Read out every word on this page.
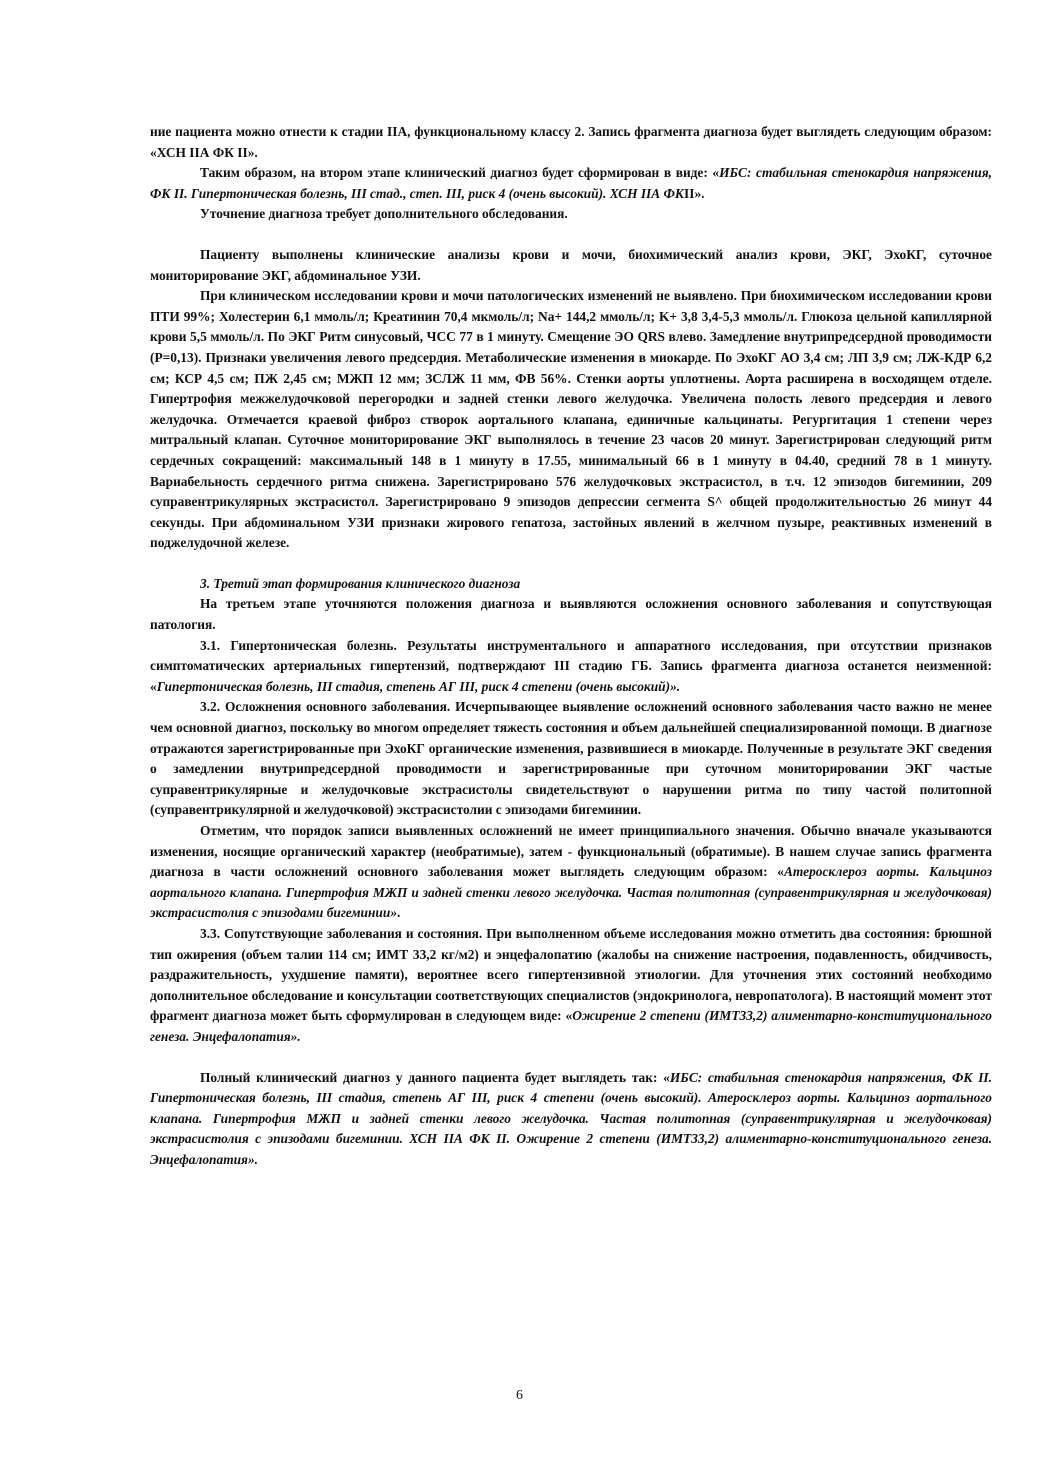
ние пациента можно отнести к стадии IIА, функциональному классу 2. Запись фрагмента диагноза будет выглядеть следующим образом: «ХСН IIА ФК II».

Таким образом, на втором этапе клинический диагноз будет сформирован в виде: «ИБС: стабильная стенокардия напряжения, ФК II. Гипертоническая болезнь, III стад., степ. III, риск 4 (очень высокий). ХСН IIА ФКII».

Уточнение диагноза требует дополнительного обследования.

Пациенту выполнены клинические анализы крови и мочи, биохимический анализ крови, ЭКГ, ЭхоКГ, суточное мониторирование ЭКГ, абдоминальное УЗИ.

При клиническом исследовании крови и мочи патологических изменений не выявлено. При биохимическом исследовании крови ПТИ 99%; Холестерин 6,1 ммоль/л; Креатинин 70,4 мкмоль/л; Na+ 144,2 ммоль/л; K+ 3,8 3,4-5,3 ммоль/л. Глюкоза цельной капиллярной крови 5,5 ммоль/л. По ЭКГ Ритм синусовый, ЧСС 77 в 1 минуту. Смещение ЭО QRS влево. Замедление внутрипредсердной проводимости (P=0,13). Признаки увеличения левого предсердия. Метаболические изменения в миокарде. По ЭхоКГ АО 3,4 см; ЛП 3,9 см; ЛЖ-КДР 6,2 см; КСР 4,5 см; ПЖ 2,45 см; МЖП 12 мм; ЗСЛЖ 11 мм, ФВ 56%. Стенки аорты уплотнены. Аорта расширена в восходящем отделе. Гипертрофия межжелудочковой перегородки и задней стенки левого желудочка. Увеличена полость левого предсердия и левого желудочка. Отмечается краевой фиброз створок аортального клапана, единичные кальцинаты. Регургитация 1 степени через митральный клапан. Суточное мониторирование ЭКГ выполнялось в течение 23 часов 20 минут. Зарегистрирован следующий ритм сердечных сокращений: максимальный 148 в 1 минуту в 17.55, минимальный 66 в 1 минуту в 04.40, средний 78 в 1 минуту. Вариабельность сердечного ритма снижена. Зарегистрировано 576 желудочковых экстрасистол, в т.ч. 12 эпизодов бигеминии, 209 суправентрикулярных экстрасистол. Зарегистрировано 9 эпизодов депрессии сегмента S^ общей продолжительностью 26 минут 44 секунды. При абдоминальном УЗИ признаки жирового гепатоза, застойных явлений в желчном пузыре, реактивных изменений в поджелудочной железе.

3. Третий этап формирования клинического диагноза

На третьем этапе уточняются положения диагноза и выявляются осложнения основного заболевания и сопутствующая патология.

3.1. Гипертоническая болезнь. Результаты инструментального и аппаратного исследования, при отсутствии признаков симптоматических артериальных гипертензий, подтверждают III стадию ГБ. Запись фрагмента диагноза останется неизменной: «Гипертоническая болезнь, III стадия, степень АГ III, риск 4 степени (очень высокий)».

3.2. Осложнения основного заболевания. Исчерпывающее выявление осложнений основного заболевания часто важно не менее чем основной диагноз, поскольку во многом определяет тяжесть состояния и объем дальнейшей специализированной помощи. В диагнозе отражаются зарегистрированные при ЭхоКГ органические изменения, развившиеся в миокарде. Полученные в результате ЭКГ сведения о замедлении внутрипредсердной проводимости и зарегистрированные при суточном мониторировании ЭКГ частые суправентрикулярные и желудочковые экстрасистолы свидетельствуют о нарушении ритма по типу частой политопной (суправентрикулярной и желудочковой) экстрасистолии с эпизодами бигеминии.

Отметим, что порядок записи выявленных осложнений не имеет принципиального значения. Обычно вначале указываются изменения, носящие органический характер (необратимые), затем - функциональный (обратимые). В нашем случае запись фрагмента диагноза в части осложнений основного заболевания может выглядеть следующим образом: «Атеросклероз аорты. Кальциноз аортального клапана. Гипертрофия МЖП и задней стенки левого желудочка. Частая политопная (суправентрикулярная и желудочковая) экстрасистолия с эпизодами бигеминии».

3.3. Сопутствующие заболевания и состояния. При выполненном объеме исследования можно отметить два состояния: брюшной тип ожирения (объем талии 114 см; ИМТ 33,2 кг/м2) и энцефалопатию (жалобы на снижение настроения, подавленность, обидчивость, раздражительность, ухудшение памяти), вероятнее всего гипертензивной этиологии. Для уточнения этих состояний необходимо дополнительное обследование и консультации соответствующих специалистов (эндокринолога, невропатолога). В настоящий момент этот фрагмент диагноза может быть сформулирован в следующем виде: «Ожирение 2 степени (ИМТ33,2) алиментарно-конституционального генеза. Энцефалопатия».

Полный клинический диагноз у данного пациента будет выглядеть так: «ИБС: стабильная стенокардия напряжения, ФК II. Гипертоническая болезнь, III стадия, степень АГ III, риск 4 степени (очень высокий). Атеросклероз аорты. Кальциноз аортального клапана. Гипертрофия МЖП и задней стенки левого желудочка. Частая политопная (суправентрикулярная и желудочковая) экстрасистолия с эпизодами бигеминии. ХСН IIА ФК II. Ожирение 2 степени (ИМТ33,2) алиментарно-конституционального генеза. Энцефалопатия».

6
